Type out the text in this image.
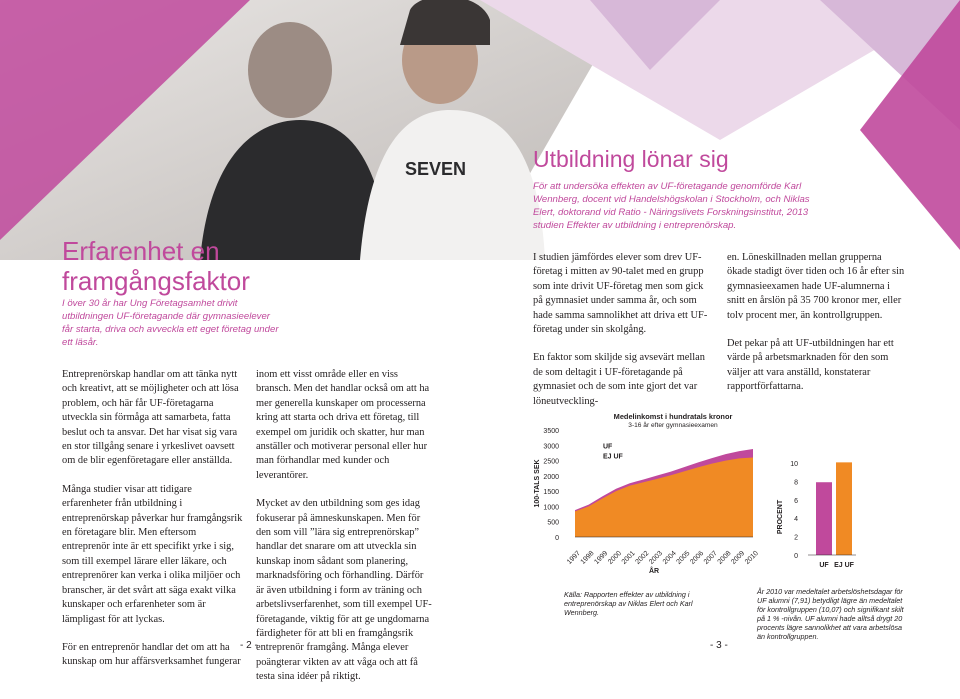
SEVEN
Erfarenhet en
framgångsfaktor
I över 30 år har Ung Företagsamhet drivit utbildningen UF-företagande där gymnasieelever får starta, driva och avveckla ett eget företag under ett läsår.

Entreprenörskap handlar om att tänka nytt och kreativt, att se möjligheter och att lösa problem, och här får UF-företagarna utveckla sin förmåga att samarbeta, fatta beslut och ta ansvar. Det har visat sig vara en stor tillgång senare i yrkeslivet oavsett om de blir egenföretagare eller anställda.

Många studier visar att tidigare erfarenheter från utbildning i entreprenörskap påverkar hur framgångsrik en företagare blir. Men eftersom entreprenör inte är ett specifikt yrke i sig, som till exempel lärare eller läkare, och entreprenörer kan verka i olika miljöer och branscher, är det svårt att säga exakt vilka kunskaper och erfarenheter som är lämpligast för att lyckas.

För en entreprenör handlar det om att ha kunskap om hur affärsverksamhet fungerar

inom ett visst område eller en viss bransch. Men det handlar också om att ha mer generella kunskaper om processerna kring att starta och driva ett företag, till exempel om juridik och skatter, hur man anställer och motiverar personal eller hur man förhandlar med kunder och leverantörer.

Mycket av den utbildning som ges idag fokuserar på ämneskunskapen. Men för den som vill ”lära sig entreprenörskap” handlar det snarare om att utveckla sin kunskap inom sådant som planering, marknadsföring och förhandling. Därför är även utbildning i form av träning och arbetslivserfarenhet, som till exempel UF-företagande, viktig för att ge ungdomarna färdigheter för att bli en framgångsrik entreprenör framgång. Många elever poängterar vikten av att våga och att få testa sina idéer på riktigt.

- 2 -
Utbildning lönar sig
För att undersöka effekten av UF-företagande genomförde Karl Wennberg, docent vid Handelshögskolan i Stockholm, och Niklas Elert, doktorand vid Ratio - Näringslivets Forskningsinstitut, 2013 studien Effekter av utbildning i entreprenörskap.

I studien jämfördes elever som drev UF-företag i mitten av 90-talet med en grupp som inte drivit UF-företag men som gick på gymnasiet under samma år, och som hade samma samnolikhet att driva ett UF-företag under sin skolgång.

En faktor som skiljde sig avsevärt mellan de som deltagit i UF-företagande på gymnasiet och de som inte gjort det var löneutveckling-

en. Löneskillnaden mellan grupperna ökade stadigt över tiden och 16 år efter sin gymnasieexamen hade UF-alumnerna i snitt en årslön på 35 700 kronor mer, eller tolv procent mer, än kontrollgruppen.

Det pekar på att UF-utbildningen har ett värde på arbetsmarknaden för den som väljer att vara anställd, konstaterar rapportförfattarna.

Medelinkomst i hundratals kronor
3-16 år efter gymnasieexamen
0
500
1000
1500
2000
2500
3000
3500
100-TALS SEK
UF
EJ UF
1997
1998
1999
2000
2001
2002
2003
2004
2005
2006
2007
2008
2009
2010
ÅR
0
2
4
6
8
10
PROCENT
UF EJ UF
Källa: Rapporten effekter av utbildning i entreprenörskap av Niklas Elert och Karl Wennberg.
År 2010 var medeltalet arbetslöshetsdagar för UF alumni (7,91) betydligt lägre än medeltalet för kontrollgruppen (10,07) och signifikant skilt på 1 % -nivån. UF alumni hade alltså drygt 20 procents lägre sannolikhet att vara arbetslösa än kontrollgruppen.
- 3 -
